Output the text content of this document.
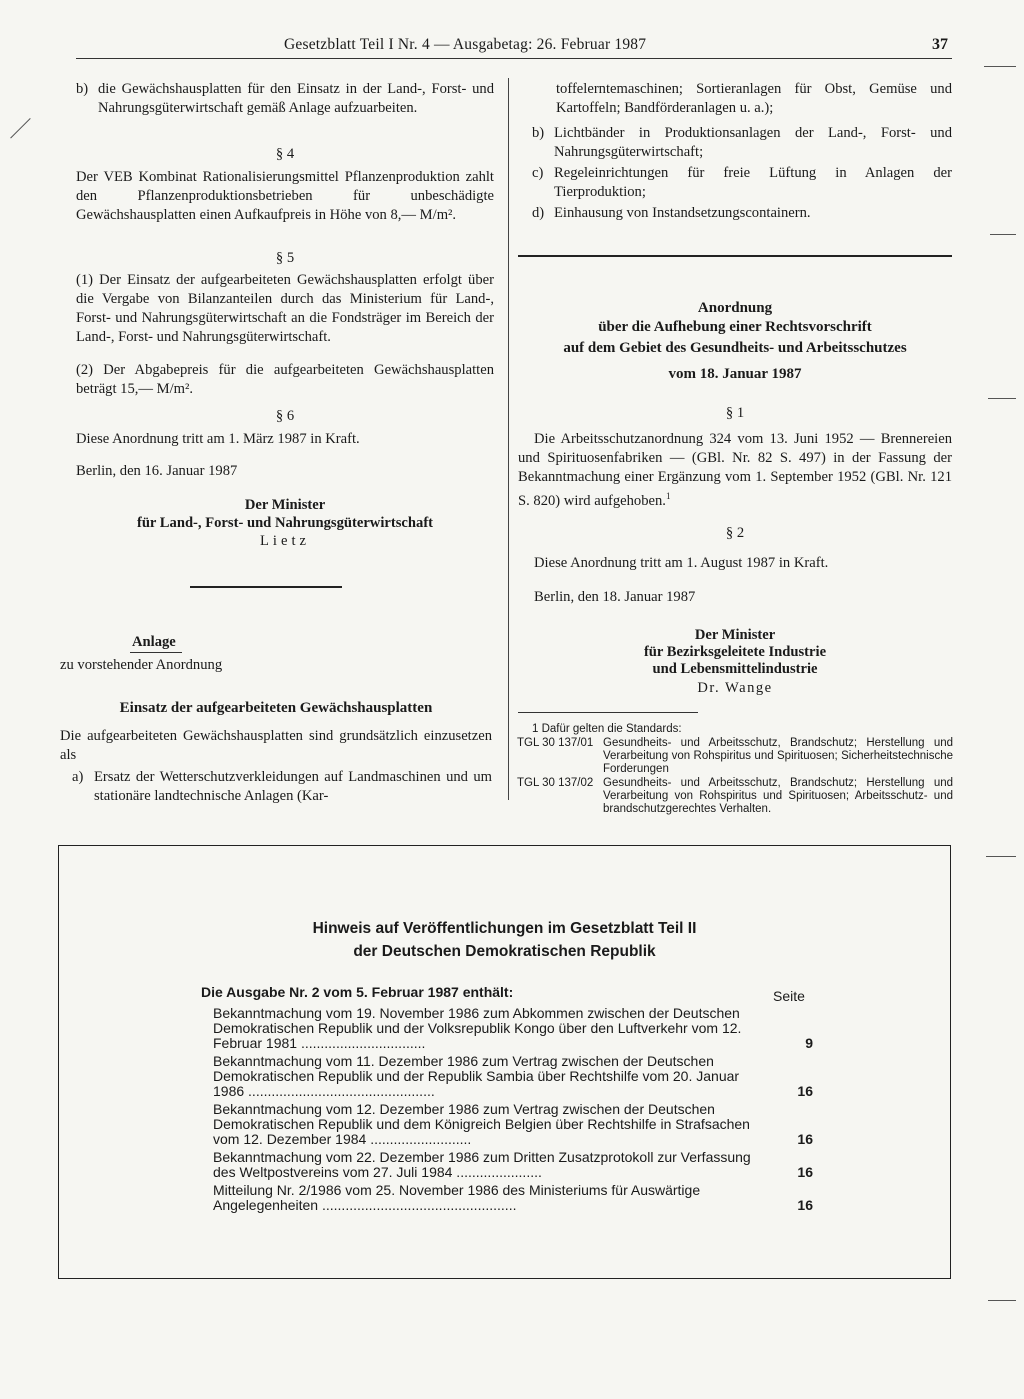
Gesetzblatt Teil I Nr. 4 — Ausgabetag: 26. Februar 1987	37
b) die Gewächshausplatten für den Einsatz in der Land-, Forst- und Nahrungsgüterwirtschaft gemäß Anlage aufzuarbeiten.
§ 4
Der VEB Kombinat Rationalisierungsmittel Pflanzenproduktion zahlt den Pflanzenproduktionsbetrieben für unbeschädigte Gewächshausplatten einen Aufkaufpreis in Höhe von 8,— M/m².
§ 5
(1) Der Einsatz der aufgearbeiteten Gewächshausplatten erfolgt über die Vergabe von Bilanzanteilen durch das Ministerium für Land-, Forst- und Nahrungsgüterwirtschaft an die Fondsträger im Bereich der Land-, Forst- und Nahrungsgüterwirtschaft.
(2) Der Abgabepreis für die aufgearbeiteten Gewächshausplatten beträgt 15,— M/m².
§ 6
Diese Anordnung tritt am 1. März 1987 in Kraft.
Berlin, den 16. Januar 1987
Der Minister
für Land-, Forst- und Nahrungsgüterwirtschaft
Lietz
Anlage
zu vorstehender Anordnung
Einsatz der aufgearbeiteten Gewächshausplatten
Die aufgearbeiteten Gewächshausplatten sind grundsätzlich einzusetzen als
a) Ersatz der Wetterschutzverkleidungen auf Landmaschinen und um stationäre landtechnische Anlagen (Kar-
toffelerntemaschinen; Sortieranlagen für Obst, Gemüse und Kartoffeln; Bandförderanlagen u. a.);
b) Lichtbänder in Produktionsanlagen der Land-, Forst- und Nahrungsgüterwirtschaft;
c) Regeleinrichtungen für freie Lüftung in Anlagen der Tierproduktion;
d) Einhausung von Instandsetzungscontainern.
Anordnung
über die Aufhebung einer Rechtsvorschrift
auf dem Gebiet des Gesundheits- und Arbeitsschutzes
vom 18. Januar 1987
§ 1
Die Arbeitsschutzanordnung 324 vom 13. Juni 1952 — Brennereien und Spirituosenfabriken — (GBl. Nr. 82 S. 497) in der Fassung der Bekanntmachung einer Ergänzung vom 1. September 1952 (GBl. Nr. 121 S. 820) wird aufgehoben.$^1$
§ 2
Diese Anordnung tritt am 1. August 1987 in Kraft.
Berlin, den 18. Januar 1987
Der Minister
für Bezirksgeleitete Industrie
und Lebensmittelindustrie
Dr. Wange
1 Dafür gelten die Standards:
TGL 30 137/01 Gesundheits- und Arbeitsschutz, Brandschutz; Herstellung und Verarbeitung von Rohspiritus und Spirituosen; Sicherheitstechnische Forderungen
TGL 30 137/02 Gesundheits- und Arbeitsschutz, Brandschutz; Herstellung und Verarbeitung von Rohspiritus und Spirituosen; Arbeitsschutz- und brandschutzgerechtes Verhalten.
Hinweis auf Veröffentlichungen im Gesetzblatt Teil II
der Deutschen Demokratischen Republik
Die Ausgabe Nr. 2 vom 5. Februar 1987 enthält:	Seite
Bekanntmachung vom 19. November 1986 zum Abkommen zwischen der Deutschen Demokratischen Republik und der Volksrepublik Kongo über den Luftverkehr vom 12. Februar 1981 ................................	9
Bekanntmachung vom 11. Dezember 1986 zum Vertrag zwischen der Deutschen Demokratischen Republik und der Republik Sambia über Rechtshilfe vom 20. Januar 1986 ................................................	16
Bekanntmachung vom 12. Dezember 1986 zum Vertrag zwischen der Deutschen Demokratischen Republik und dem Königreich Belgien über Rechtshilfe in Strafsachen vom 12. Dezember 1984 ..........................	16
Bekanntmachung vom 22. Dezember 1986 zum Dritten Zusatzprotokoll zur Verfassung des Weltpostvereins vom 27. Juli 1984 ......................	16
Mitteilung Nr. 2/1986 vom 25. November 1986 des Ministeriums für Auswärtige Angelegenheiten ..................................................	16
